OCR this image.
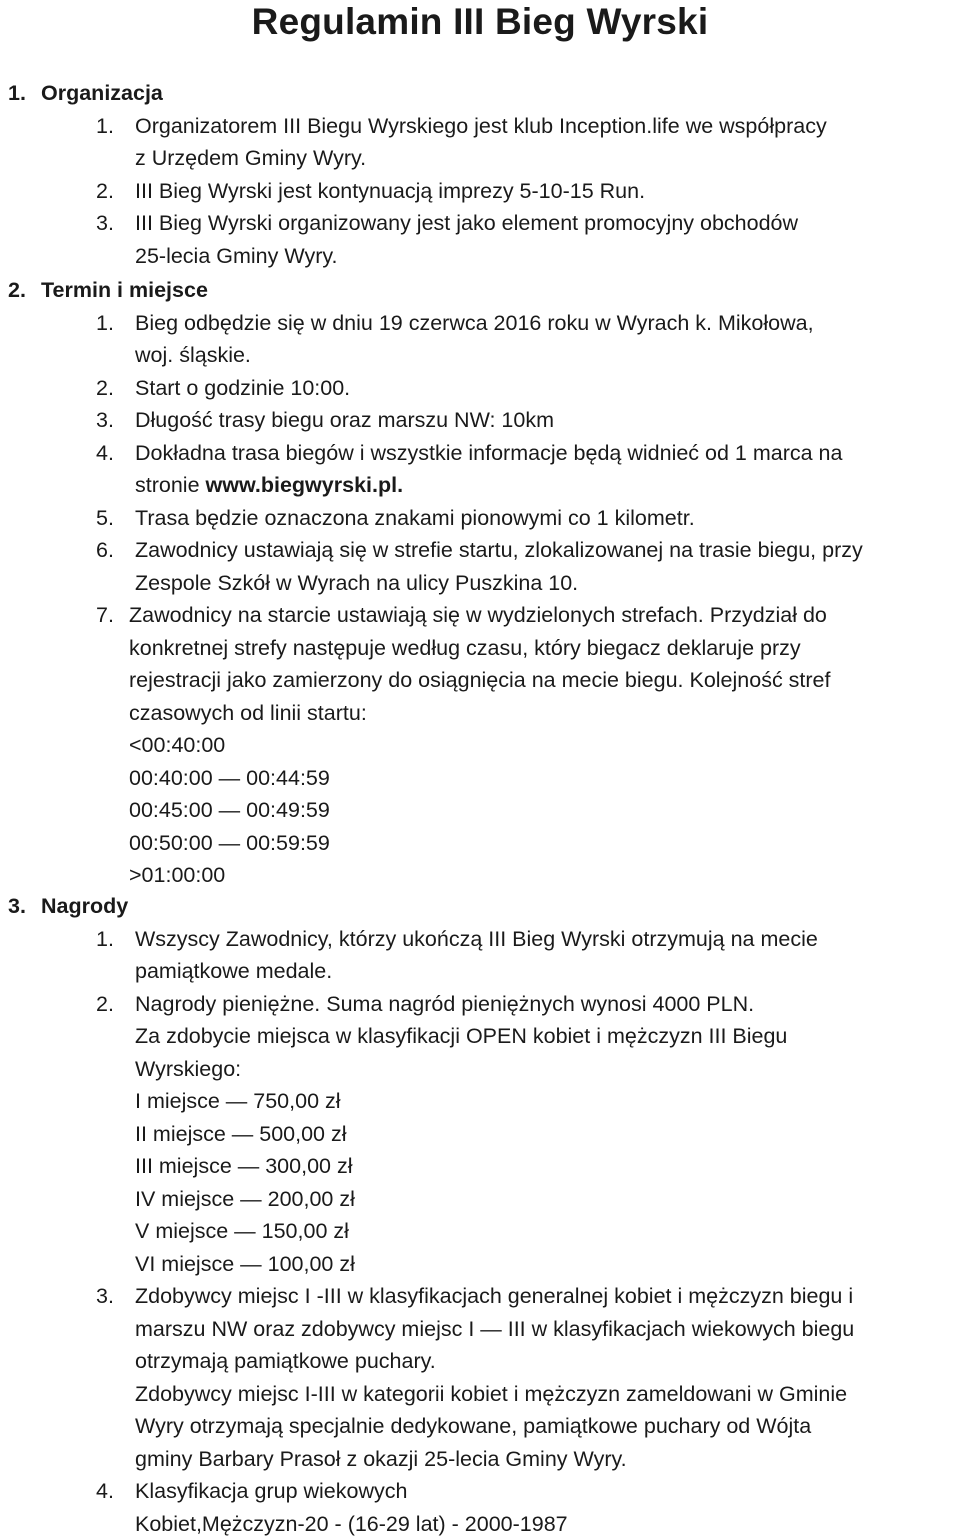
Regulamin III Bieg Wyrski
1. Organizacja
1. Organizatorem III Biegu Wyrskiego jest klub Inception.life we współpracy
z Urzędem Gminy Wyry.
2. III Bieg Wyrski jest kontynuacją imprezy 5-10-15 Run.
3. III Bieg Wyrski organizowany jest jako element promocyjny obchodów
25-lecia Gminy Wyry.
2. Termin i miejsce
1. Bieg odbędzie się w dniu 19 czerwca 2016 roku w Wyrach k. Mikołowa,
woj. śląskie.
2. Start o godzinie 10:00.
3. Długość trasy biegu oraz marszu NW: 10km
4. Dokładna trasa biegów i wszystkie informacje będą widnieć od 1 marca na
stronie www.biegwyrski.pl.
5. Trasa będzie oznaczona znakami pionowymi co 1 kilometr.
6. Zawodnicy ustawiają się w strefie startu, zlokalizowanej na trasie biegu, przy
Zespole Szkół w Wyrach na ulicy Puszkina 10.
7. Zawodnicy na starcie ustawiają się w wydzielonych strefach. Przydział do
konkretnej strefy następuje według czasu, który biegacz deklaruje przy
rejestracji jako zamierzony do osiągnięcia na mecie biegu. Kolejność stref
czasowych od linii startu:
<00:40:00
00:40:00 — 00:44:59
00:45:00 — 00:49:59
00:50:00 — 00:59:59
>01:00:00
3. Nagrody
1. Wszyscy Zawodnicy, którzy ukończą III Bieg Wyrski otrzymują na mecie
pamiątkowe medale.
2. Nagrody pieniężne. Suma nagród pieniężnych wynosi 4000 PLN.
Za zdobycie miejsca w klasyfikacji OPEN kobiet i mężczyzn III Biegu
Wyrskiego:
I miejsce — 750,00 zł
II miejsce — 500,00 zł
III miejsce — 300,00 zł
IV miejsce — 200,00 zł
V miejsce — 150,00 zł
VI miejsce — 100,00 zł
3. Zdobywcy miejsc I -III w klasyfikacjach generalnej kobiet i mężczyzn biegu i
marszu NW oraz zdobywcy miejsc I — III w klasyfikacjach wiekowych biegu
otrzymają pamiątkowe puchary.
Zdobywcy miejsc I-III w kategorii kobiet i mężczyzn zameldowani w Gminie
Wyry otrzymają specjalnie dedykowane, pamiątkowe puchary od Wójta
gminy Barbary Prasoł z okazji 25-lecia Gminy Wyry.
4. Klasyfikacja grup wiekowych
Kobiet,Mężczyzn-20 - (16-29 lat) - 2000-1987
